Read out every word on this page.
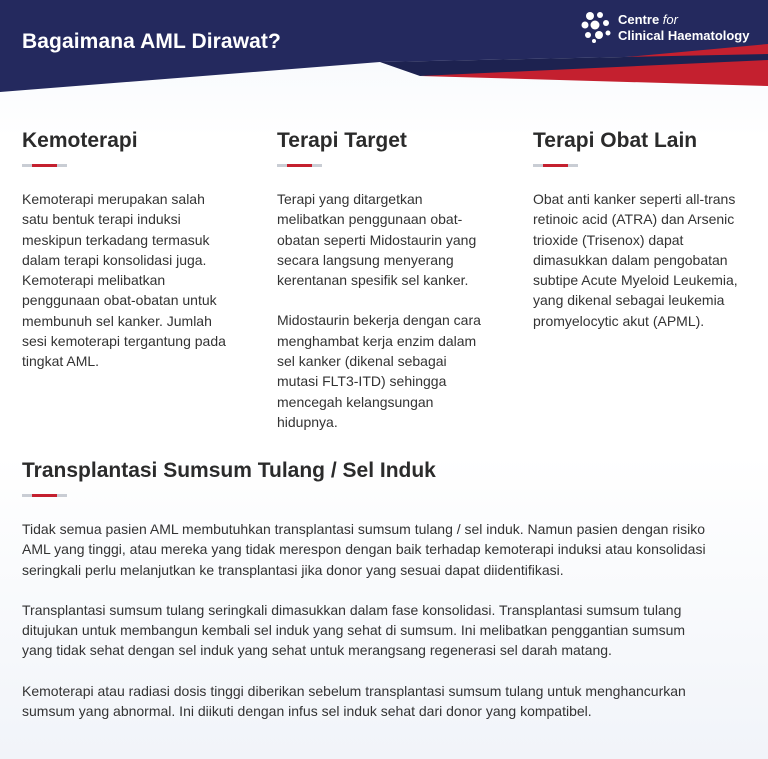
Bagaimana AML Dirawat?
Centre for
Clinical Haematology
Kemoterapi
Kemoterapi merupakan salah
satu bentuk terapi induksi
meskipun terkadang termasuk
dalam terapi konsolidasi juga.
Kemoterapi melibatkan
penggunaan obat-obatan untuk
membunuh sel kanker. Jumlah
sesi kemoterapi tergantung pada
tingkat AML.
Terapi Target
Terapi yang ditargetkan
melibatkan penggunaan obat-
obatan seperti Midostaurin yang
secara langsung menyerang
kerentanan spesifik sel kanker.
Midostaurin bekerja dengan cara
menghambat kerja enzim dalam
sel kanker (dikenal sebagai
mutasi FLT3-ITD) sehingga
mencegah kelangsungan
hidupnya.
Terapi Obat Lain
Obat anti kanker seperti all-trans
retinoic acid (ATRA) dan Arsenic
trioxide (Trisenox) dapat
dimasukkan dalam pengobatan
subtipe Acute Myeloid Leukemia,
yang dikenal sebagai leukemia
promyelocytic akut (APML).
Transplantasi Sumsum Tulang / Sel Induk
Tidak semua pasien AML membutuhkan transplantasi sumsum tulang / sel induk. Namun pasien dengan risiko
AML yang tinggi, atau mereka yang tidak merespon dengan baik terhadap kemoterapi induksi atau konsolidasi
seringkali perlu melanjutkan ke transplantasi jika donor yang sesuai dapat diidentifikasi.
Transplantasi sumsum tulang seringkali dimasukkan dalam fase konsolidasi. Transplantasi sumsum tulang
ditujukan untuk membangun kembali sel induk yang sehat di sumsum. Ini melibatkan penggantian sumsum
yang tidak sehat dengan sel induk yang sehat untuk merangsang regenerasi sel darah matang.
Kemoterapi atau radiasi dosis tinggi diberikan sebelum transplantasi sumsum tulang untuk menghancurkan
sumsum yang abnormal. Ini diikuti dengan infus sel induk sehat dari donor yang kompatibel.
